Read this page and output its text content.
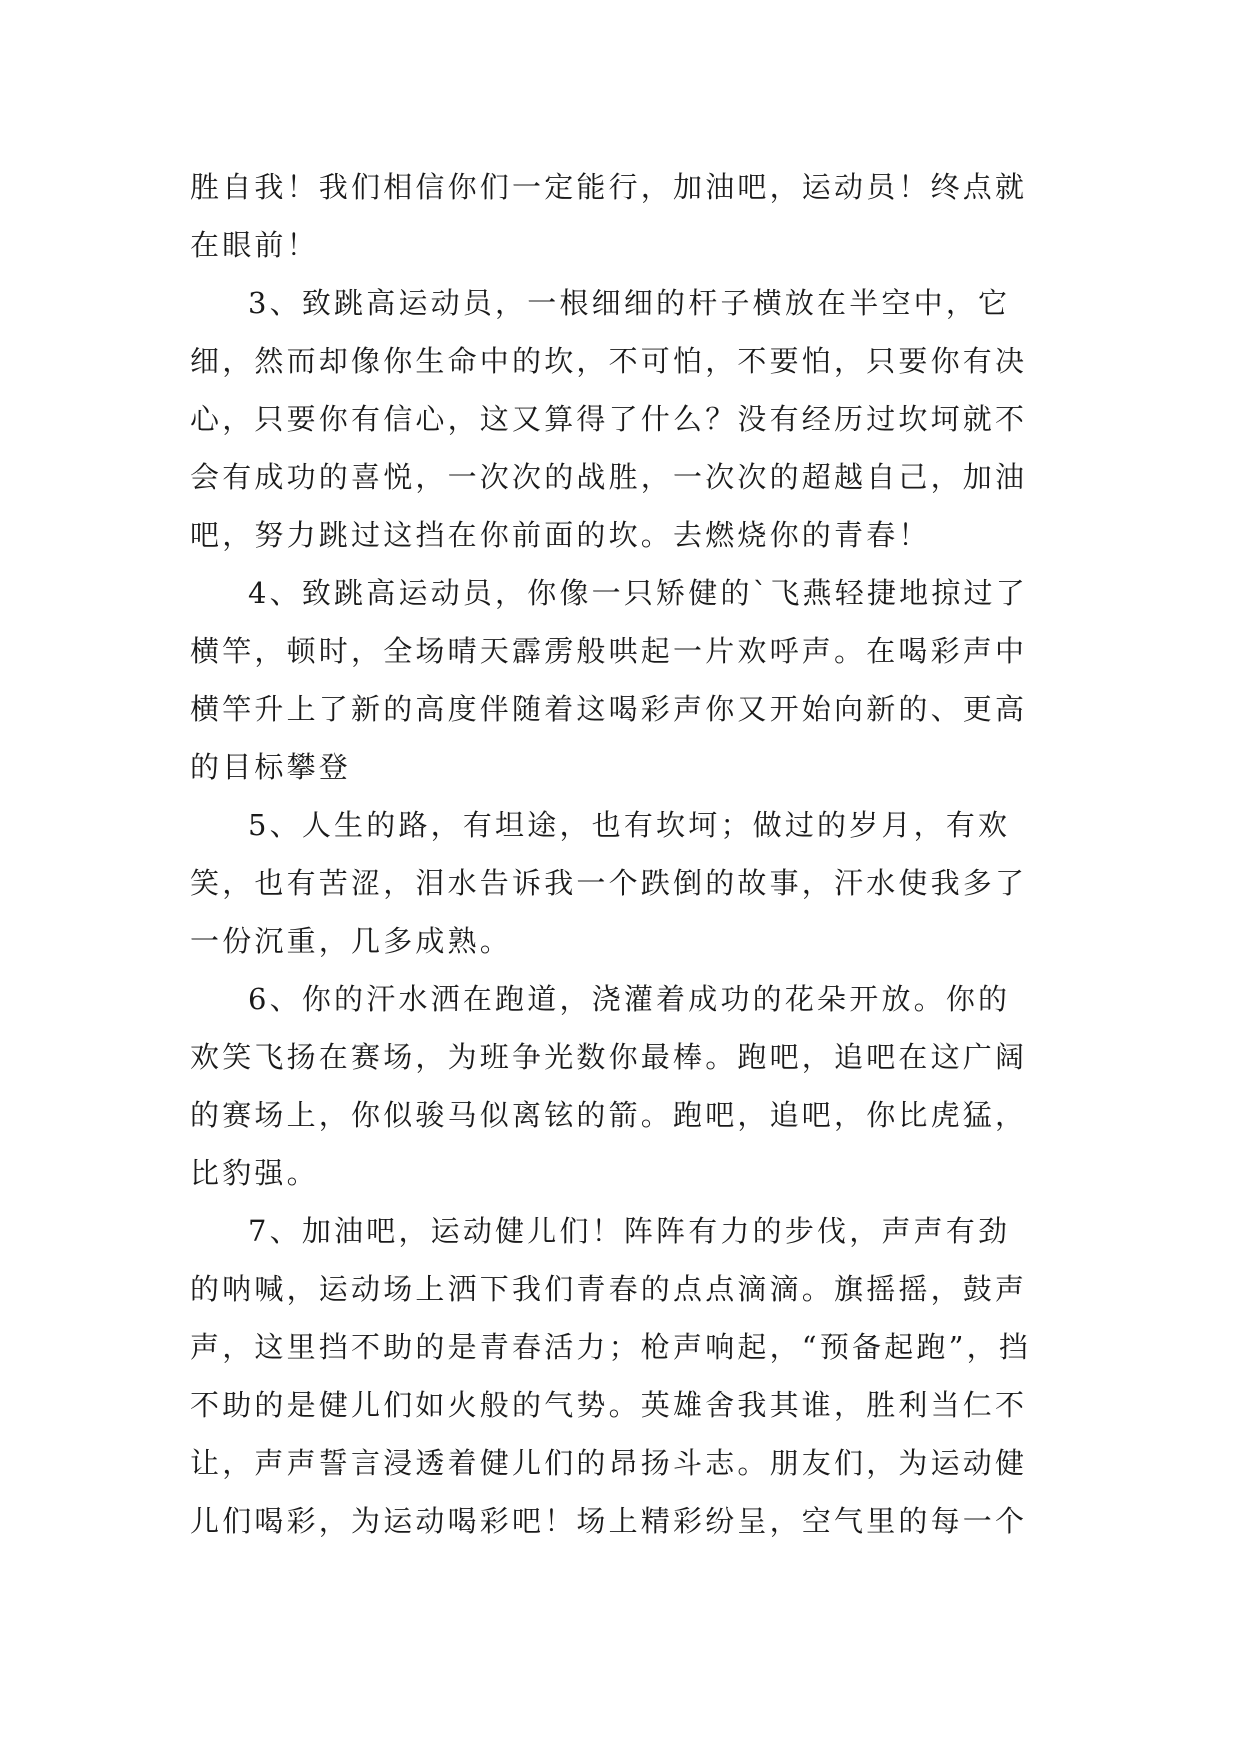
胜自我！我们相信你们一定能行，加油吧，运动员！终点就
在眼前！
3、致跳高运动员，一根细细的杆子横放在半空中，它
细，然而却像你生命中的坎，不可怕，不要怕，只要你有决
心，只要你有信心，这又算得了什么？没有经历过坎坷就不
会有成功的喜悦，一次次的战胜，一次次的超越自己，加油
吧，努力跳过这挡在你前面的坎。去燃烧你的青春！
4、致跳高运动员，你像一只矫健的`飞燕轻捷地掠过了
横竿，顿时，全场晴天霹雳般哄起一片欢呼声。在喝彩声中
横竿升上了新的高度伴随着这喝彩声你又开始向新的、更高
的目标攀登
5、人生的路，有坦途，也有坎坷；做过的岁月，有欢
笑，也有苦涩，泪水告诉我一个跌倒的故事，汗水使我多了
一份沉重，几多成熟。
6、你的汗水洒在跑道，浇灌着成功的花朵开放。你的
欢笑飞扬在赛场，为班争光数你最棒。跑吧，追吧在这广阔
的赛场上，你似骏马似离铉的箭。跑吧，追吧，你比虎猛，
比豹强。
7、加油吧，运动健儿们！阵阵有力的步伐，声声有劲
的呐喊，运动场上洒下我们青春的点点滴滴。旗摇摇，鼓声
声，这里挡不助的是青春活力；枪声响起，“预备起跑”，挡
不助的是健儿们如火般的气势。英雄舍我其谁，胜利当仁不
让，声声誓言浸透着健儿们的昂扬斗志。朋友们，为运动健
儿们喝彩，为运动喝彩吧！场上精彩纷呈，空气里的每一个
